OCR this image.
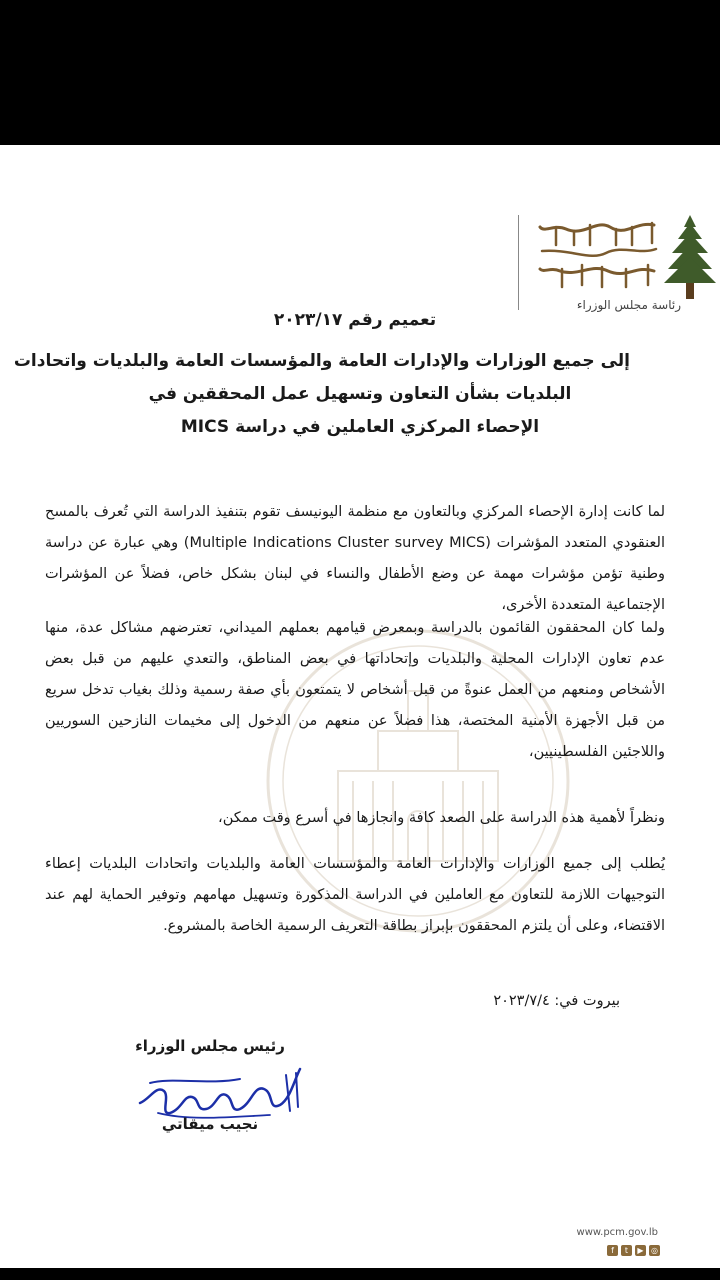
رئاسة مجلس الوزراء
تعميم رقم ٢٠٢٣/١٧
إلى جميع الوزارات والإدارات العامة والمؤسسات العامة والبلديات واتحادات
البلديات بشأن التعاون وتسهيل عمل المحققين في
الإحصاء المركزي العاملين في دراسة MICS
لما كانت إدارة الإحصاء المركزي وبالتعاون مع منظمة اليونيسف تقوم بتنفيذ الدراسة التي تُعرف بالمسح العنقودي المتعدد المؤشرات (Multiple Indications Cluster survey MICS) وهي عبارة عن دراسة وطنية تؤمن مؤشرات مهمة عن وضع الأطفال والنساء في لبنان بشكل خاص، فضلاً عن المؤشرات الإجتماعية المتعددة الأخرى،
ولما كان المحققون القائمون بالدراسة وبمعرض قيامهم بعملهم الميداني، تعترضهم مشاكل عدة، منها عدم تعاون الإدارات المحلية والبلديات وإتحاداتها في بعض المناطق، والتعدي عليهم من قبل بعض الأشخاص ومنعهم من العمل عنوةً من قبل أشخاص لا يتمتعون بأي صفة رسمية وذلك بغياب تدخل سريع من قبل الأجهزة الأمنية المختصة، هذا فضلاً عن منعهم من الدخول إلى مخيمات النازحين السوريين واللاجئين الفلسطينيين،
ونظراً لأهمية هذه الدراسة على الصعد كافة وانجازها في أسرع وقت ممكن،
يُطلب إلى جميع الوزارات والإدارات العامة والمؤسسات العامة والبلديات واتحادات البلديات إعطاء التوجيهات اللازمة للتعاون مع العاملين في الدراسة المذكورة وتسهيل مهامهم وتوفير الحماية لهم عند الاقتضاء، وعلى أن يلتزم المحققون بإبراز بطاقة التعريف الرسمية الخاصة بالمشروع.
بيروت في: ٢٠٢٣/٧/٤
رئيس مجلس الوزراء
نجيب ميقاتي
www.pcm.gov.lb
f	t	▶ ◎
